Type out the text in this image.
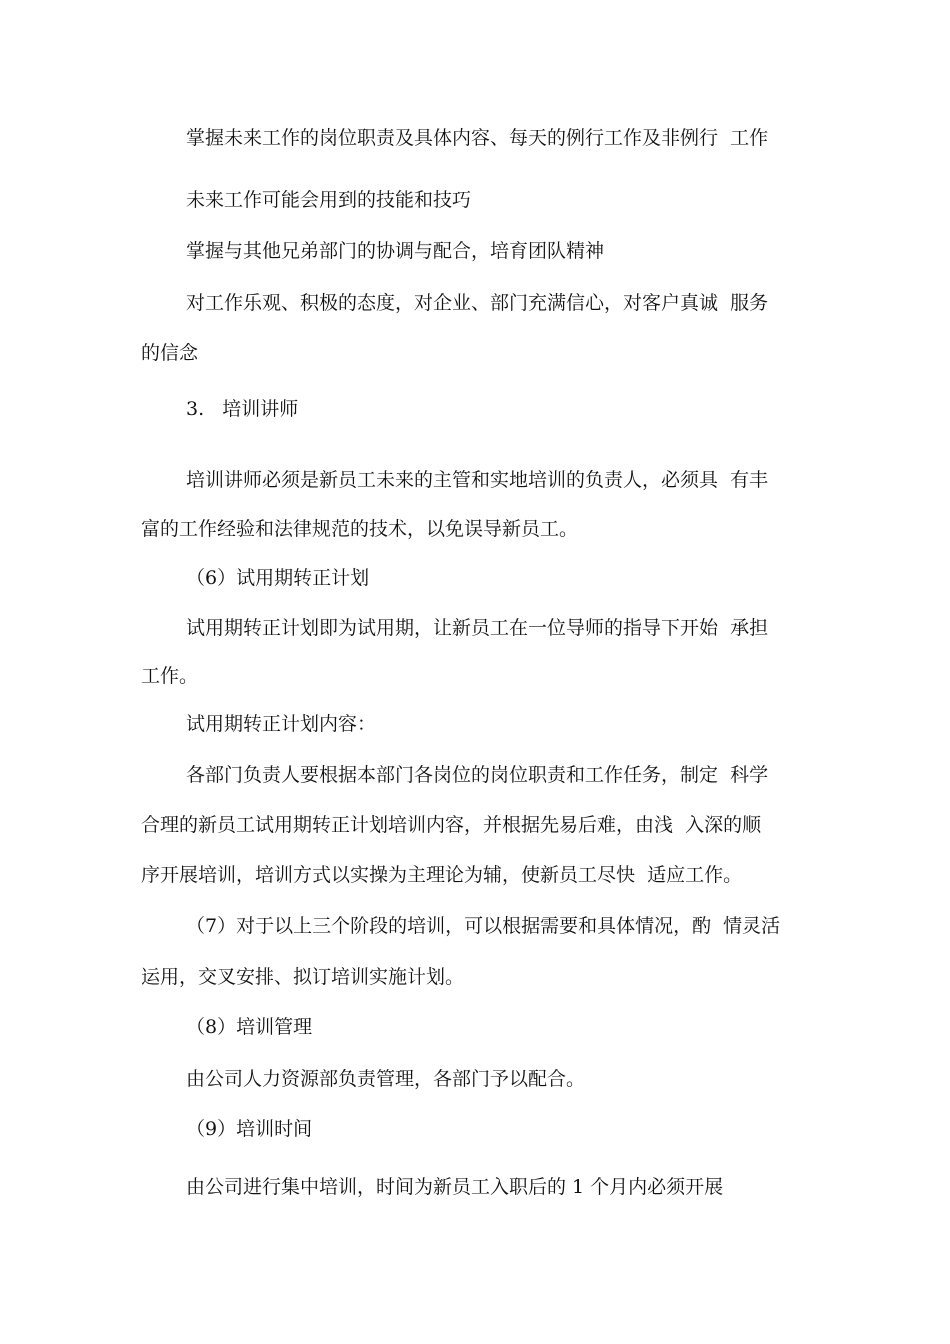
掌握未来工作的岗位职责及具体内容、每天的例行工作及非例行  工作
未来工作可能会用到的技能和技巧
掌握与其他兄弟部门的协调与配合，培育团队精神
对工作乐观、积极的态度，对企业、部门充满信心，对客户真诚  服务
的信念
3.   培训讲师
培训讲师必须是新员工未来的主管和实地培训的负责人，必须具  有丰
富的工作经验和法律规范的技术，以免误导新员工。
（6）试用期转正计划
试用期转正计划即为试用期，让新员工在一位导师的指导下开始  承担
工作。
试用期转正计划内容：
各部门负责人要根据本部门各岗位的岗位职责和工作任务，制定  科学
合理的新员工试用期转正计划培训内容，并根据先易后难，由浅  入深的顺
序开展培训，培训方式以实操为主理论为辅，使新员工尽快  适应工作。
（7）对于以上三个阶段的培训，可以根据需要和具体情况，酌  情灵活
运用，交叉安排、拟订培训实施计划。
（8）培训管理
由公司人力资源部负责管理，各部门予以配合。
（9）培训时间
由公司进行集中培训，时间为新员工入职后的 1 个月内必须开展
